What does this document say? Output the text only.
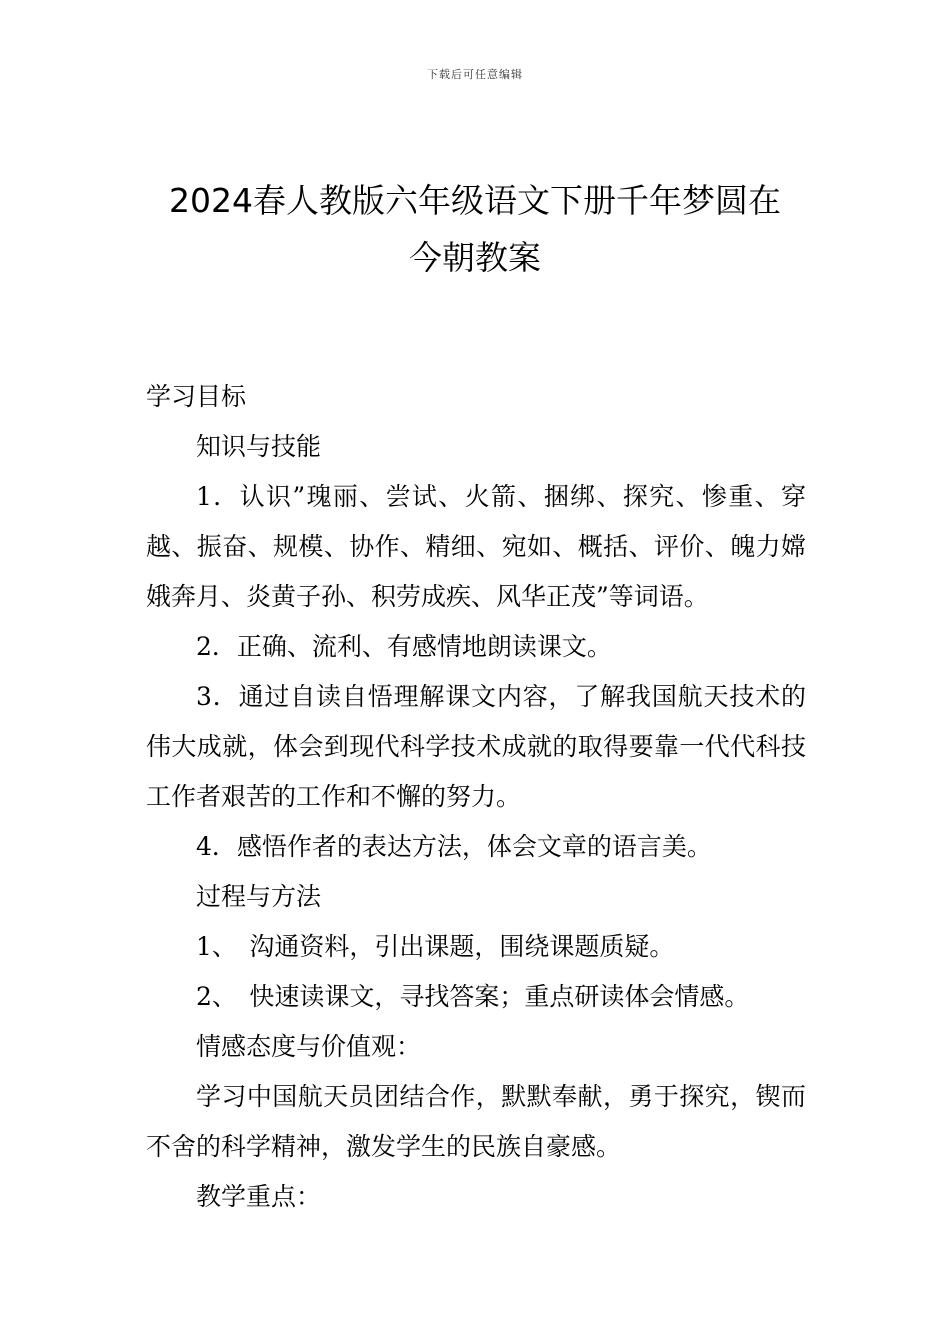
下载后可任意编辑
2024春人教版六年级语文下册千年梦圆在
今朝教案

学习目标

知识与技能

1．认识”瑰丽、尝试、火箭、捆绑、探究、惨重、穿越、振奋、规模、协作、精细、宛如、概括、评价、魄力嫦娥奔月、炎黄子孙、积劳成疾、风华正茂”等词语。

2．正确、流利、有感情地朗读课文。

3．通过自读自悟理解课文内容，了解我国航天技术的伟大成就，体会到现代科学技术成就的取得要靠一代代科技工作者艰苦的工作和不懈的努力。

4．感悟作者的表达方法，体会文章的语言美。

过程与方法

1、　沟通资料，引出课题，围绕课题质疑。

2、　快速读课文，寻找答案；重点研读体会情感。

情感态度与价值观：

学习中国航天员团结合作，默默奉献，勇于探究，锲而不舍的科学精神，激发学生的民族自豪感。

教学重点：
